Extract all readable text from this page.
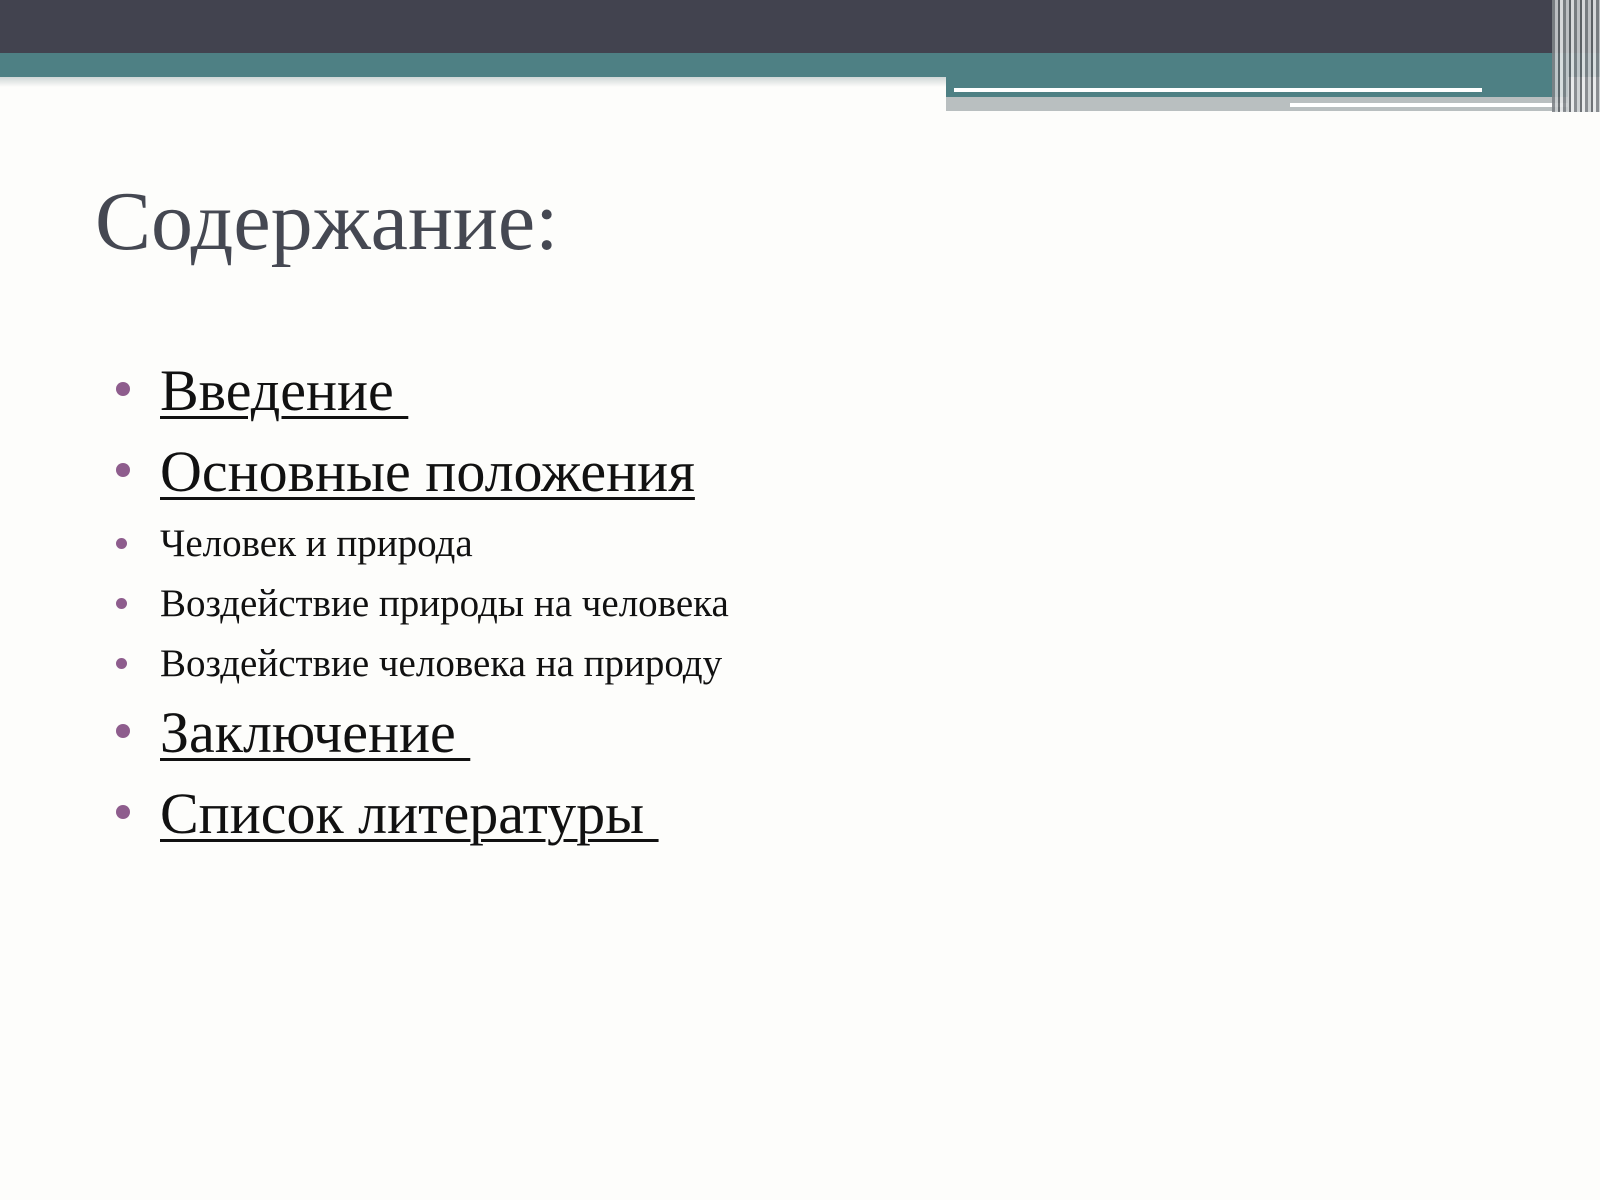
Содержание:
Введение
Основные положения
Человек и природа
Воздействие природы на человека
Воздействие человека на природу
Заключение
Список литературы
